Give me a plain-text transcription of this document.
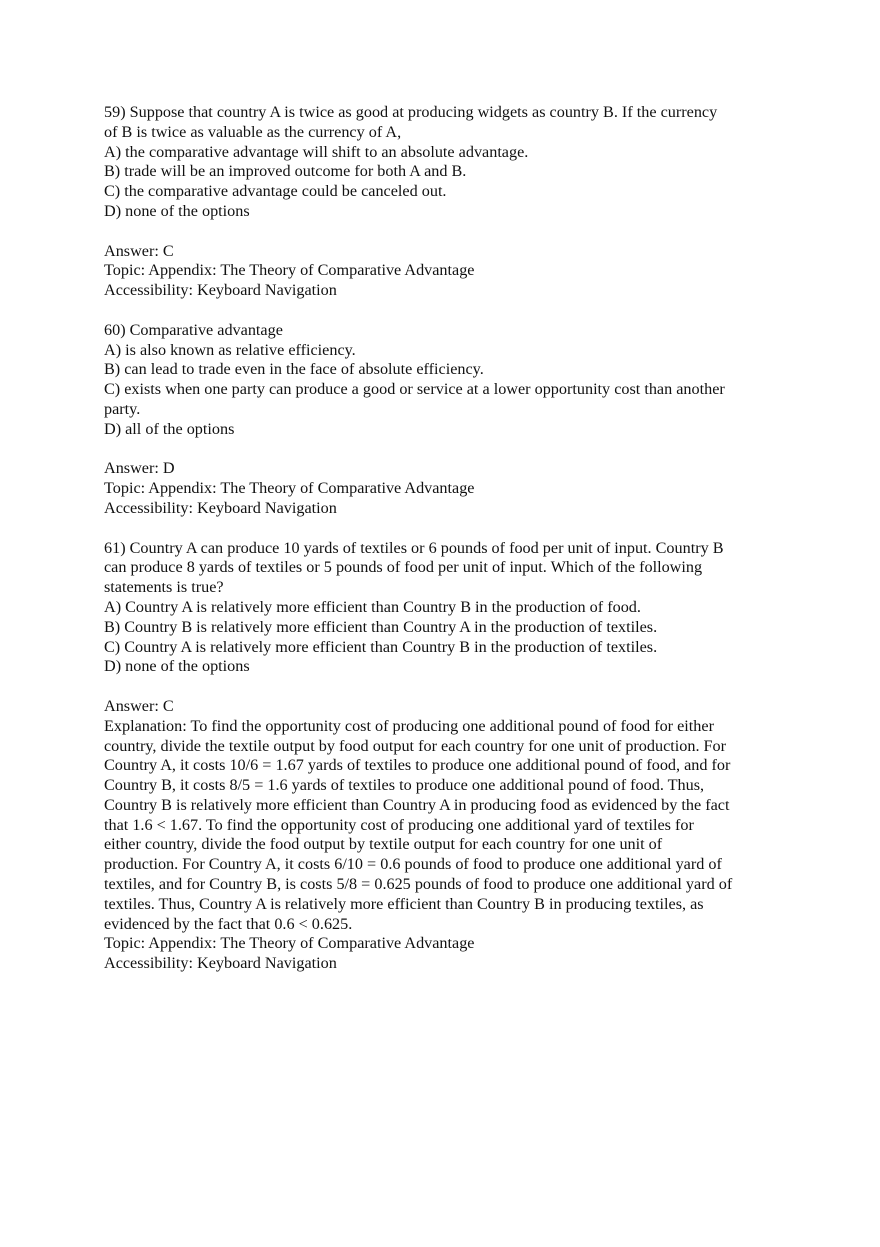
59) Suppose that country A is twice as good at producing widgets as country B. If the currency
of B is twice as valuable as the currency of A,
A) the comparative advantage will shift to an absolute advantage.
B) trade will be an improved outcome for both A and B.
C) the comparative advantage could be canceled out.
D) none of the options
Answer: C
Topic: Appendix: The Theory of Comparative Advantage
Accessibility: Keyboard Navigation
60) Comparative advantage
A) is also known as relative efficiency.
B) can lead to trade even in the face of absolute efficiency.
C) exists when one party can produce a good or service at a lower opportunity cost than another
party.
D) all of the options
Answer: D
Topic: Appendix: The Theory of Comparative Advantage
Accessibility: Keyboard Navigation
61) Country A can produce 10 yards of textiles or 6 pounds of food per unit of input. Country B
can produce 8 yards of textiles or 5 pounds of food per unit of input. Which of the following
statements is true?
A) Country A is relatively more efficient than Country B in the production of food.
B) Country B is relatively more efficient than Country A in the production of textiles.
C) Country A is relatively more efficient than Country B in the production of textiles.
D) none of the options
Answer: C
Explanation: To find the opportunity cost of producing one additional pound of food for either
country, divide the textile output by food output for each country for one unit of production. For
Country A, it costs 10/6 = 1.67 yards of textiles to produce one additional pound of food, and for
Country B, it costs 8/5 = 1.6 yards of textiles to produce one additional pound of food. Thus,
Country B is relatively more efficient than Country A in producing food as evidenced by the fact
that 1.6 < 1.67. To find the opportunity cost of producing one additional yard of textiles for
either country, divide the food output by textile output for each country for one unit of
production. For Country A, it costs 6/10 = 0.6 pounds of food to produce one additional yard of
textiles, and for Country B, is costs 5/8 = 0.625 pounds of food to produce one additional yard of
textiles. Thus, Country A is relatively more efficient than Country B in producing textiles, as
evidenced by the fact that 0.6 < 0.625.
Topic: Appendix: The Theory of Comparative Advantage
Accessibility: Keyboard Navigation
